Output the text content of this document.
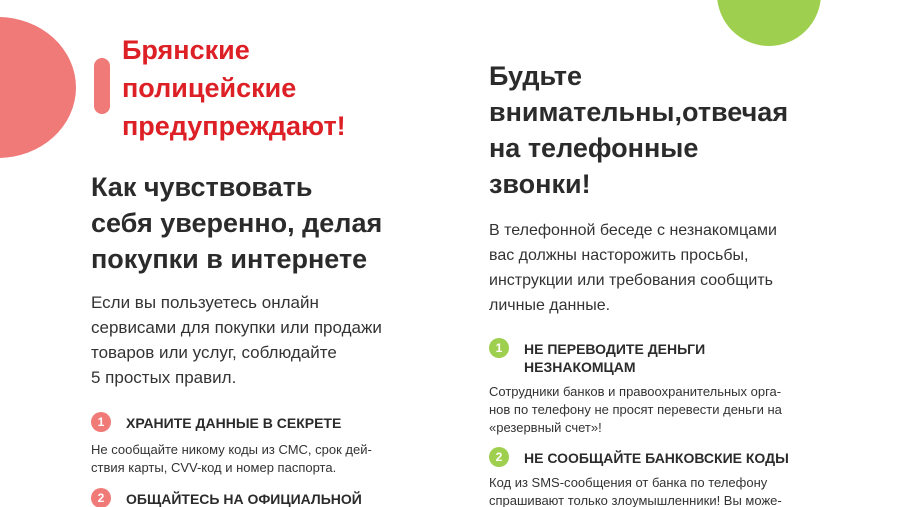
Брянские
полицейские
предупреждают!
Как чувствовать
себя уверенно, делая
покупки в интернете
Если вы пользуетесь онлайн
сервисами для покупки или продажи
товаров или услуг, соблюдайте
5 простых правил.
1	ХРАНИТЕ ДАННЫЕ В СЕКРЕТЕ
Не сообщайте никому коды из СМС, срок дей-
ствия карты, CVV-код и номер паспорта.
2	ОБЩАЙТЕСЬ НА ОФИЦИАЛЬНОЙ
Будьте
внимательны,отвечая
на телефонные
звонки!
В телефонной беседе с незнакомцами
вас должны насторожить просьбы,
инструкции или требования сообщить
личные данные.
1	НЕ ПЕРЕВОДИТЕ ДЕНЬГИ
НЕЗНАКОМЦАМ
Сотрудники банков и правоохранительных орга-
нов по телефону не просят перевести деньги на
«резервный счет»!
2	НЕ СООБЩАЙТЕ БАНКОВСКИЕ КОДЫ
Код из SMS-сообщения от банка по телефону
спрашивают только злоумышленники! Вы може-
